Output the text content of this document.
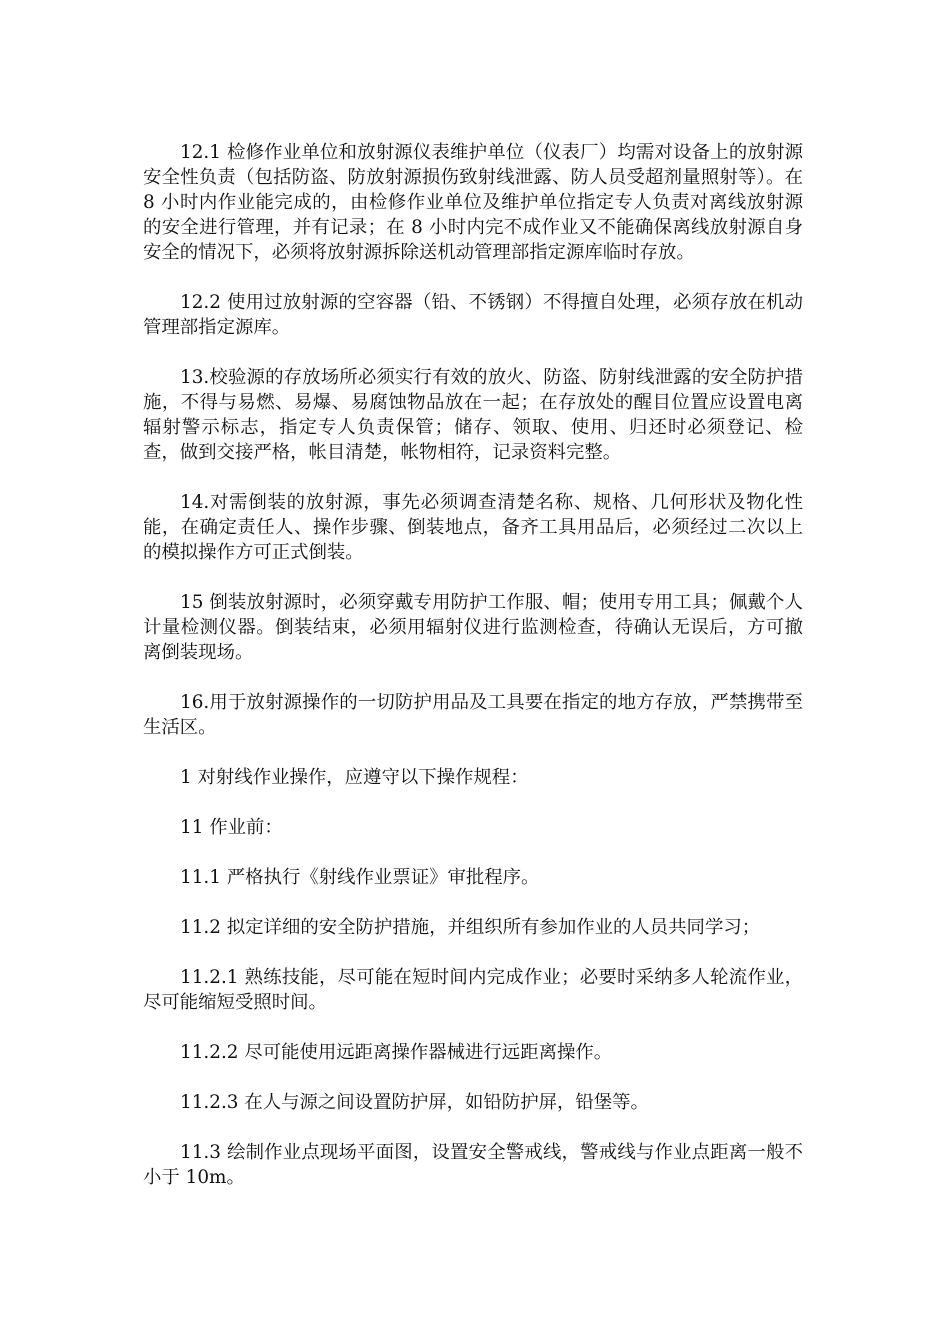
12.1 检修作业单位和放射源仪表维护单位（仪表厂）均需对设备上的放射源安全性负责（包括防盗、防放射源损伤致射线泄露、防人员受超剂量照射等）。在 8 小时内作业能完成的，由检修作业单位及维护单位指定专人负责对离线放射源的安全进行管理，并有记录；在 8 小时内完不成作业又不能确保离线放射源自身安全的情况下，必须将放射源拆除送机动管理部指定源库临时存放。

12.2 使用过放射源的空容器（铅、不锈钢）不得擅自处理，必须存放在机动管理部指定源库。

13.校验源的存放场所必须实行有效的放火、防盗、防射线泄露的安全防护措施，不得与易燃、易爆、易腐蚀物品放在一起；在存放处的醒目位置应设置电离辐射警示标志，指定专人负责保管；储存、领取、使用、归还时必须登记、检查，做到交接严格，帐目清楚，帐物相符，记录资料完整。

14.对需倒装的放射源，事先必须调查清楚名称、规格、几何形状及物化性能，在确定责任人、操作步骤、倒装地点，备齐工具用品后，必须经过二次以上的模拟操作方可正式倒装。

15 倒装放射源时，必须穿戴专用防护工作服、帽；使用专用工具；佩戴个人计量检测仪器。倒装结束，必须用辐射仪进行监测检查，待确认无误后，方可撤离倒装现场。

16.用于放射源操作的一切防护用品及工具要在指定的地方存放，严禁携带至生活区。

1 对射线作业操作，应遵守以下操作规程：

11 作业前：

11.1 严格执行《射线作业票证》审批程序。

11.2 拟定详细的安全防护措施，并组织所有参加作业的人员共同学习；

11.2.1 熟练技能，尽可能在短时间内完成作业；必要时采纳多人轮流作业，尽可能缩短受照时间。

11.2.2 尽可能使用远距离操作器械进行远距离操作。

11.2.3 在人与源之间设置防护屏，如铅防护屏，铅堡等。

11.3 绘制作业点现场平面图，设置安全警戒线，警戒线与作业点距离一般不小于 10m。
